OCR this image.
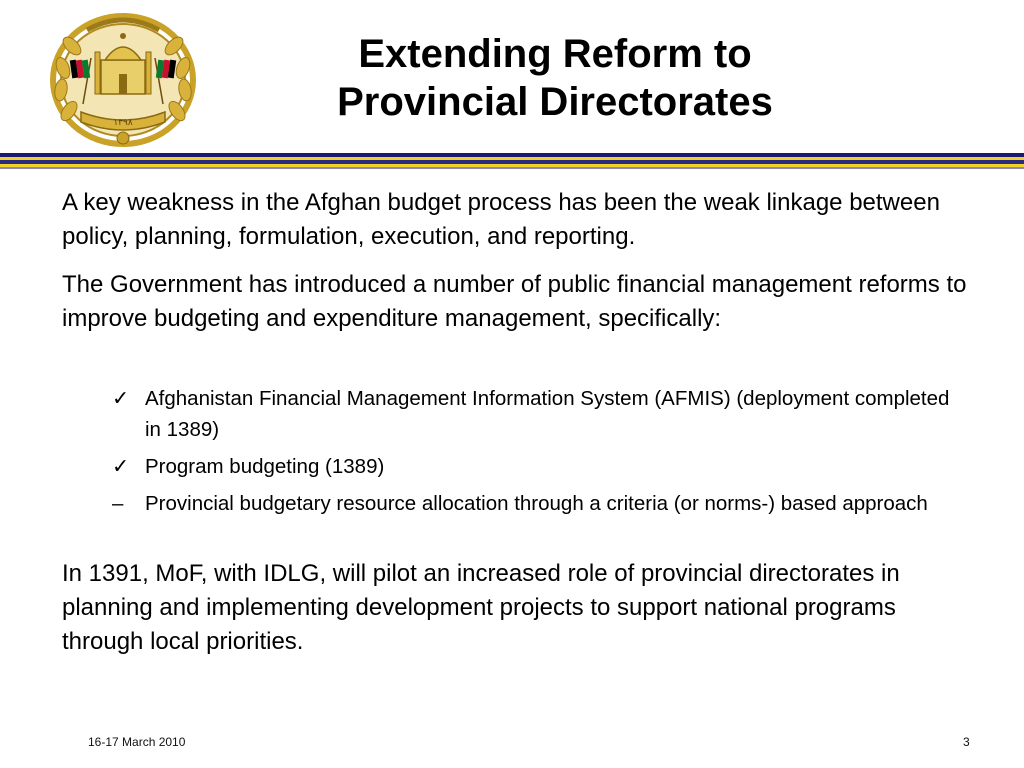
۱۳۹۸
Extending Reform to
Provincial Directorates

A key weakness in the Afghan budget process has been the weak linkage between policy, planning, formulation, execution, and reporting.

The Government has introduced a number of public financial management reforms to improve budgeting and expenditure management, specifically:

✓ Afghanistan Financial Management Information System (AFMIS) (deployment completed in 1389)
✓ Program budgeting (1389)
–	Provincial budgetary resource allocation through a criteria (or norms-) based approach

In 1391, MoF, with IDLG, will pilot an increased role of provincial directorates in planning and implementing development projects to support national programs through local priorities.

16-17 March 2010	3
